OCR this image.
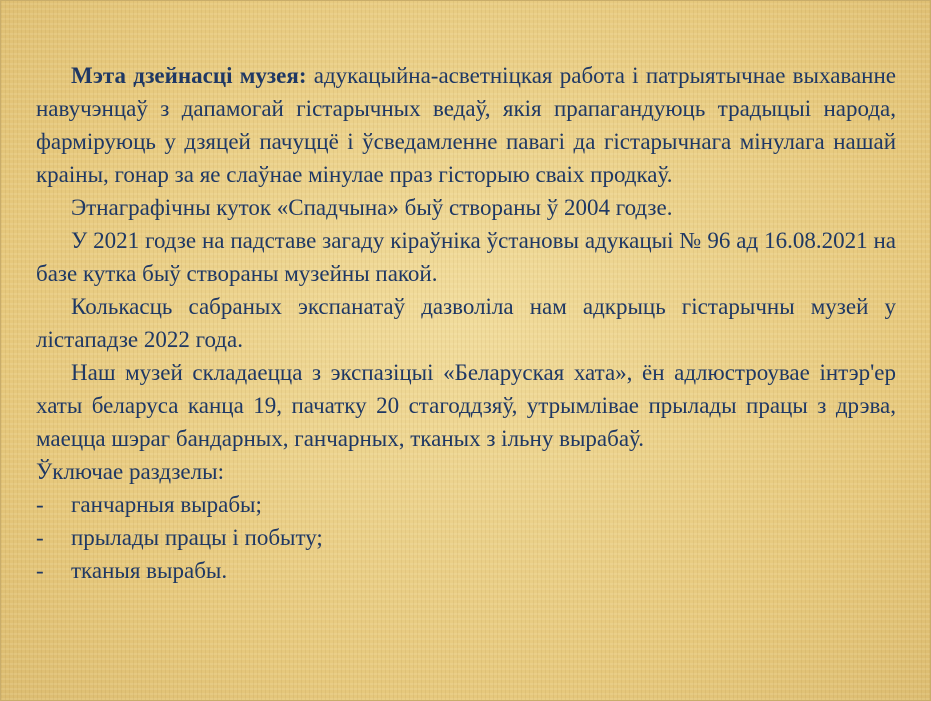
Мэта дзейнасці музея: адукацыйна-асветніцкая работа і патрыятычнае выхаванне навучэнцаў з дапамогай гістарычных ведаў, якія прапагандуюць традыцыі народа, фарміруюць у дзяцей пачуццё і ўсведамленне павагі да гістарычнага мінулага нашай краіны, гонар за яе слаўнае мінулае праз гісторыю сваіх продкаў.

Этнаграфічны куток «Спадчына» быў створаны ў 2004 годзе.

У 2021 годзе на падставе загаду кіраўніка ўстановы адукацыі № 96 ад 16.08.2021 на базе кутка быў створаны музейны пакой.

Колькасць сабраных экспанатаў дазволіла нам адкрыць гістарычны музей у лістападзе 2022 года.

Наш музей складаецца з экспазіцыі «Беларуская хата», ён адлюстроувае інтэр'ер хаты беларуса канца 19, пачатку 20 стагоддзяў, утрымлівае прылады працы з дрэва, маецца шэраг бандарных, ганчарных, тканых з ільну вырабаў.

Ўключае раздзелы:

- ганчарныя вырабы;
- прылады працы і побыту;
- тканыя вырабы.
